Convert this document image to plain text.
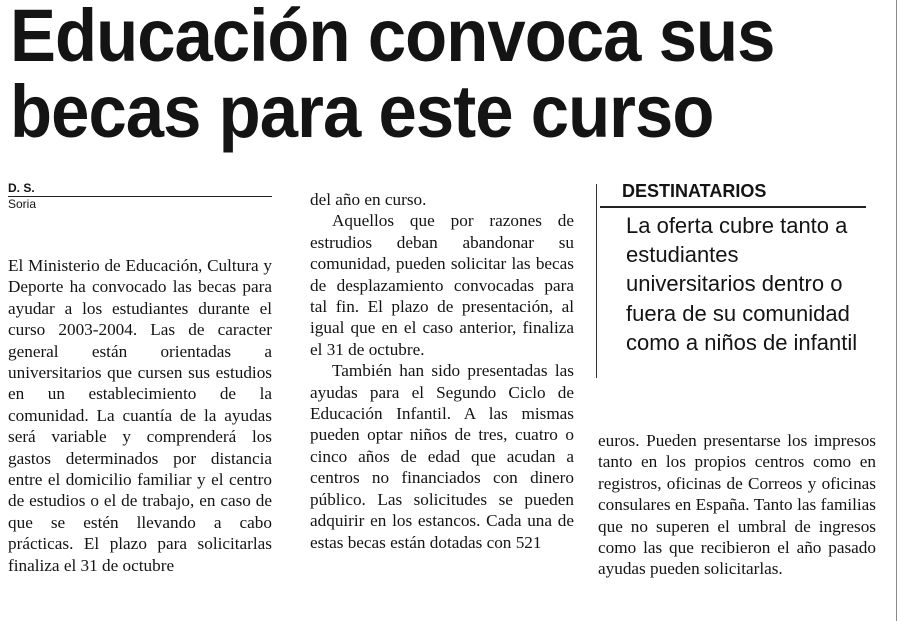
Educación convoca sus
becas para este curso
D. S.
Soria

El Ministerio de Educación, Cultura y Deporte ha convocado las becas para ayudar a los estudiantes durante el curso 2003-2004. Las de caracter general están orientadas a universitarios que cursen sus estudios en un establecimiento de la comunidad. La cuantía de la ayudas será variable y comprenderá los gastos determinados por distancia entre el domicilio familiar y el centro de estudios o el de trabajo, en caso de que se estén llevando a cabo prácticas. El plazo para solicitarlas finaliza el 31 de octubre

del año en curso.

Aquellos que por razones de estrudios deban abandonar su comunidad, pueden solicitar las becas de desplazamiento convocadas para tal fin. El plazo de presentación, al igual que en el caso anterior, finaliza el 31 de octubre.

También han sido presentadas las ayudas para el Segundo Ciclo de Educación Infantil. A las mismas pueden optar niños de tres, cuatro o cinco años de edad que acudan a centros no financiados con dinero público. Las solicitudes se pueden adquirir en los estancos. Cada una de estas becas están dotadas con 521

DESTINATARIOS
La oferta cubre tanto a estudiantes universitarios dentro o fuera de su comunidad como a niños de infantil

euros. Pueden presentarse los impresos tanto en los propios centros como en registros, oficinas de Correos y oficinas consulares en España. Tanto las familias que no superen el umbral de ingresos como las que recibieron el año pasado ayudas pueden solicitarlas.
